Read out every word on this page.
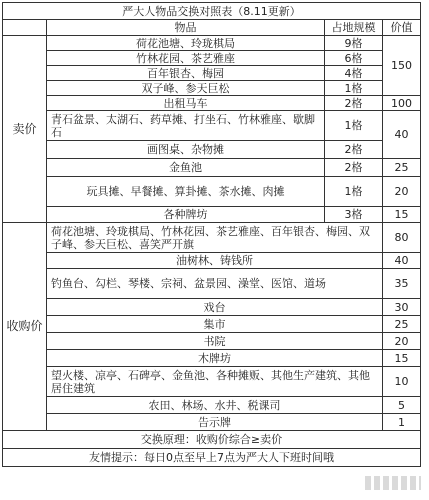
严大人物品交换对照表（8.11更新）			
	物品	占地规模	价值
卖价	荷花池塘、玲珑棋局	9格	150
	竹林花园、茶艺雅座	6格	
	百年银杏、梅园	4格	
	双子峰、参天巨松	1格	
	出租马车	2格	100
	青石盆景、太湖石、药草摊、打坐石、竹林雅座、歇脚石	1格	40
	画图桌、杂物摊	2格	
	金鱼池	2格	25
	玩具摊、早餐摊、算卦摊、茶水摊、肉摊	1格	20
	各种牌坊	3格	15
收购价	荷花池塘、玲珑棋局、竹林花园、茶艺雅座、百年银杏、梅园、双子峰、参天巨松、喜笑严开旗		80
	油树林、铸钱所		40
	钓鱼台、勾栏、琴楼、宗祠、盆景园、澡堂、医馆、道场		35
	戏台		30
	集市		25
	书院		20
	木牌坊		15
	望火楼、凉亭、石碑亭、金鱼池、各种摊贩、其他生产建筑、其他居住建筑		10
	农田、林场、水井、税课司		5
	告示牌		1
交换原理：收购价综合≥卖价			
友情提示：每日0点至早上7点为严大人下班时间哦			
